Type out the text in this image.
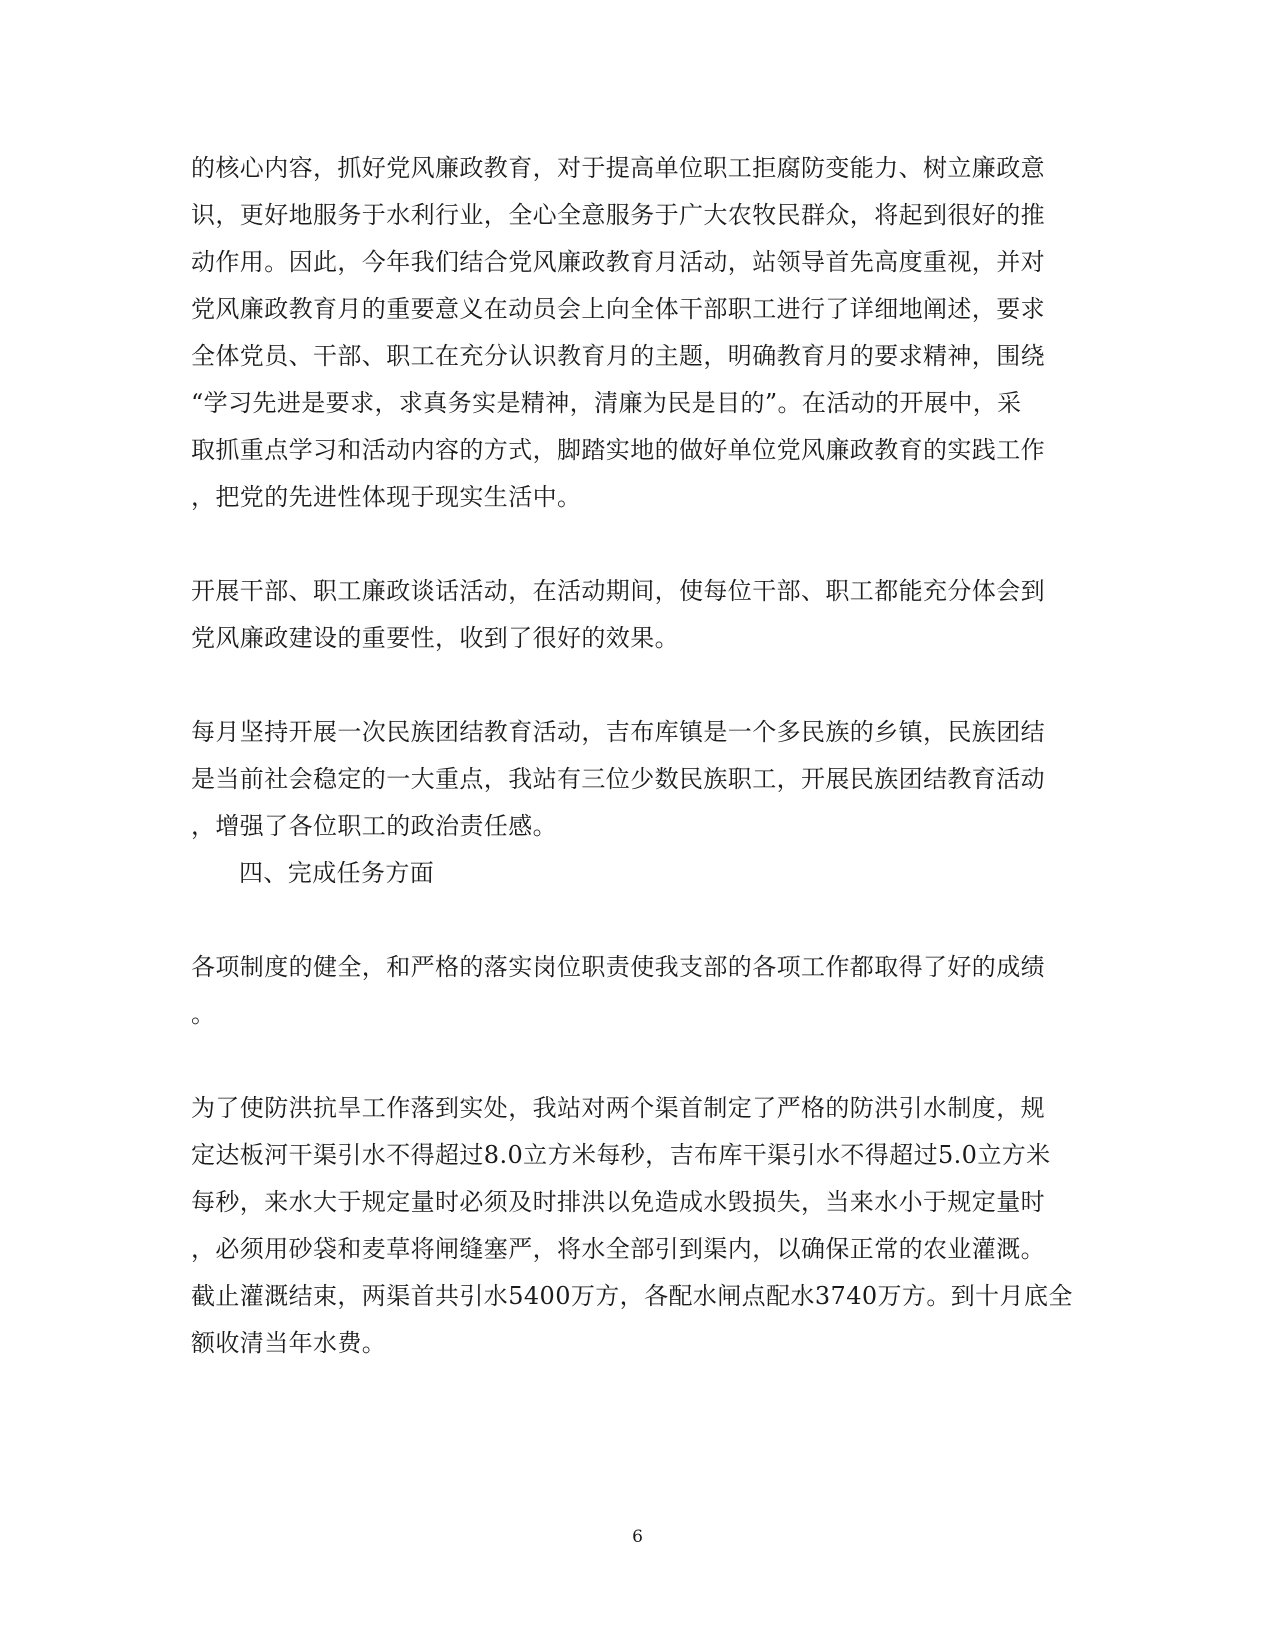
的核心内容，抓好党风廉政教育，对于提高单位职工拒腐防变能力、树立廉政意
识，更好地服务于水利行业，全心全意服务于广大农牧民群众，将起到很好的推
动作用。因此，今年我们结合党风廉政教育月活动，站领导首先高度重视，并对
党风廉政教育月的重要意义在动员会上向全体干部职工进行了详细地阐述，要求
全体党员、干部、职工在充分认识教育月的主题，明确教育月的要求精神，围绕
“学习先进是要求，求真务实是精神，清廉为民是目的”。在活动的开展中，采
取抓重点学习和活动内容的方式，脚踏实地的做好单位党风廉政教育的实践工作
，把党的先进性体现于现实生活中。
开展干部、职工廉政谈话活动，在活动期间，使每位干部、职工都能充分体会到
党风廉政建设的重要性，收到了很好的效果。
每月坚持开展一次民族团结教育活动，吉布库镇是一个多民族的乡镇，民族团结
是当前社会稳定的一大重点，我站有三位少数民族职工，开展民族团结教育活动
，增强了各位职工的政治责任感。
四、完成任务方面
各项制度的健全，和严格的落实岗位职责使我支部的各项工作都取得了好的成绩
。
为了使防洪抗旱工作落到实处，我站对两个渠首制定了严格的防洪引水制度，规
定达板河干渠引水不得超过8.0立方米每秒，吉布库干渠引水不得超过5.0立方米
每秒，来水大于规定量时必须及时排洪以免造成水毁损失，当来水小于规定量时
，必须用砂袋和麦草将闸缝塞严，将水全部引到渠内，以确保正常的农业灌溉。
截止灌溉结束，两渠首共引水5400万方，各配水闸点配水3740万方。到十月底全
额收清当年水费。
6
